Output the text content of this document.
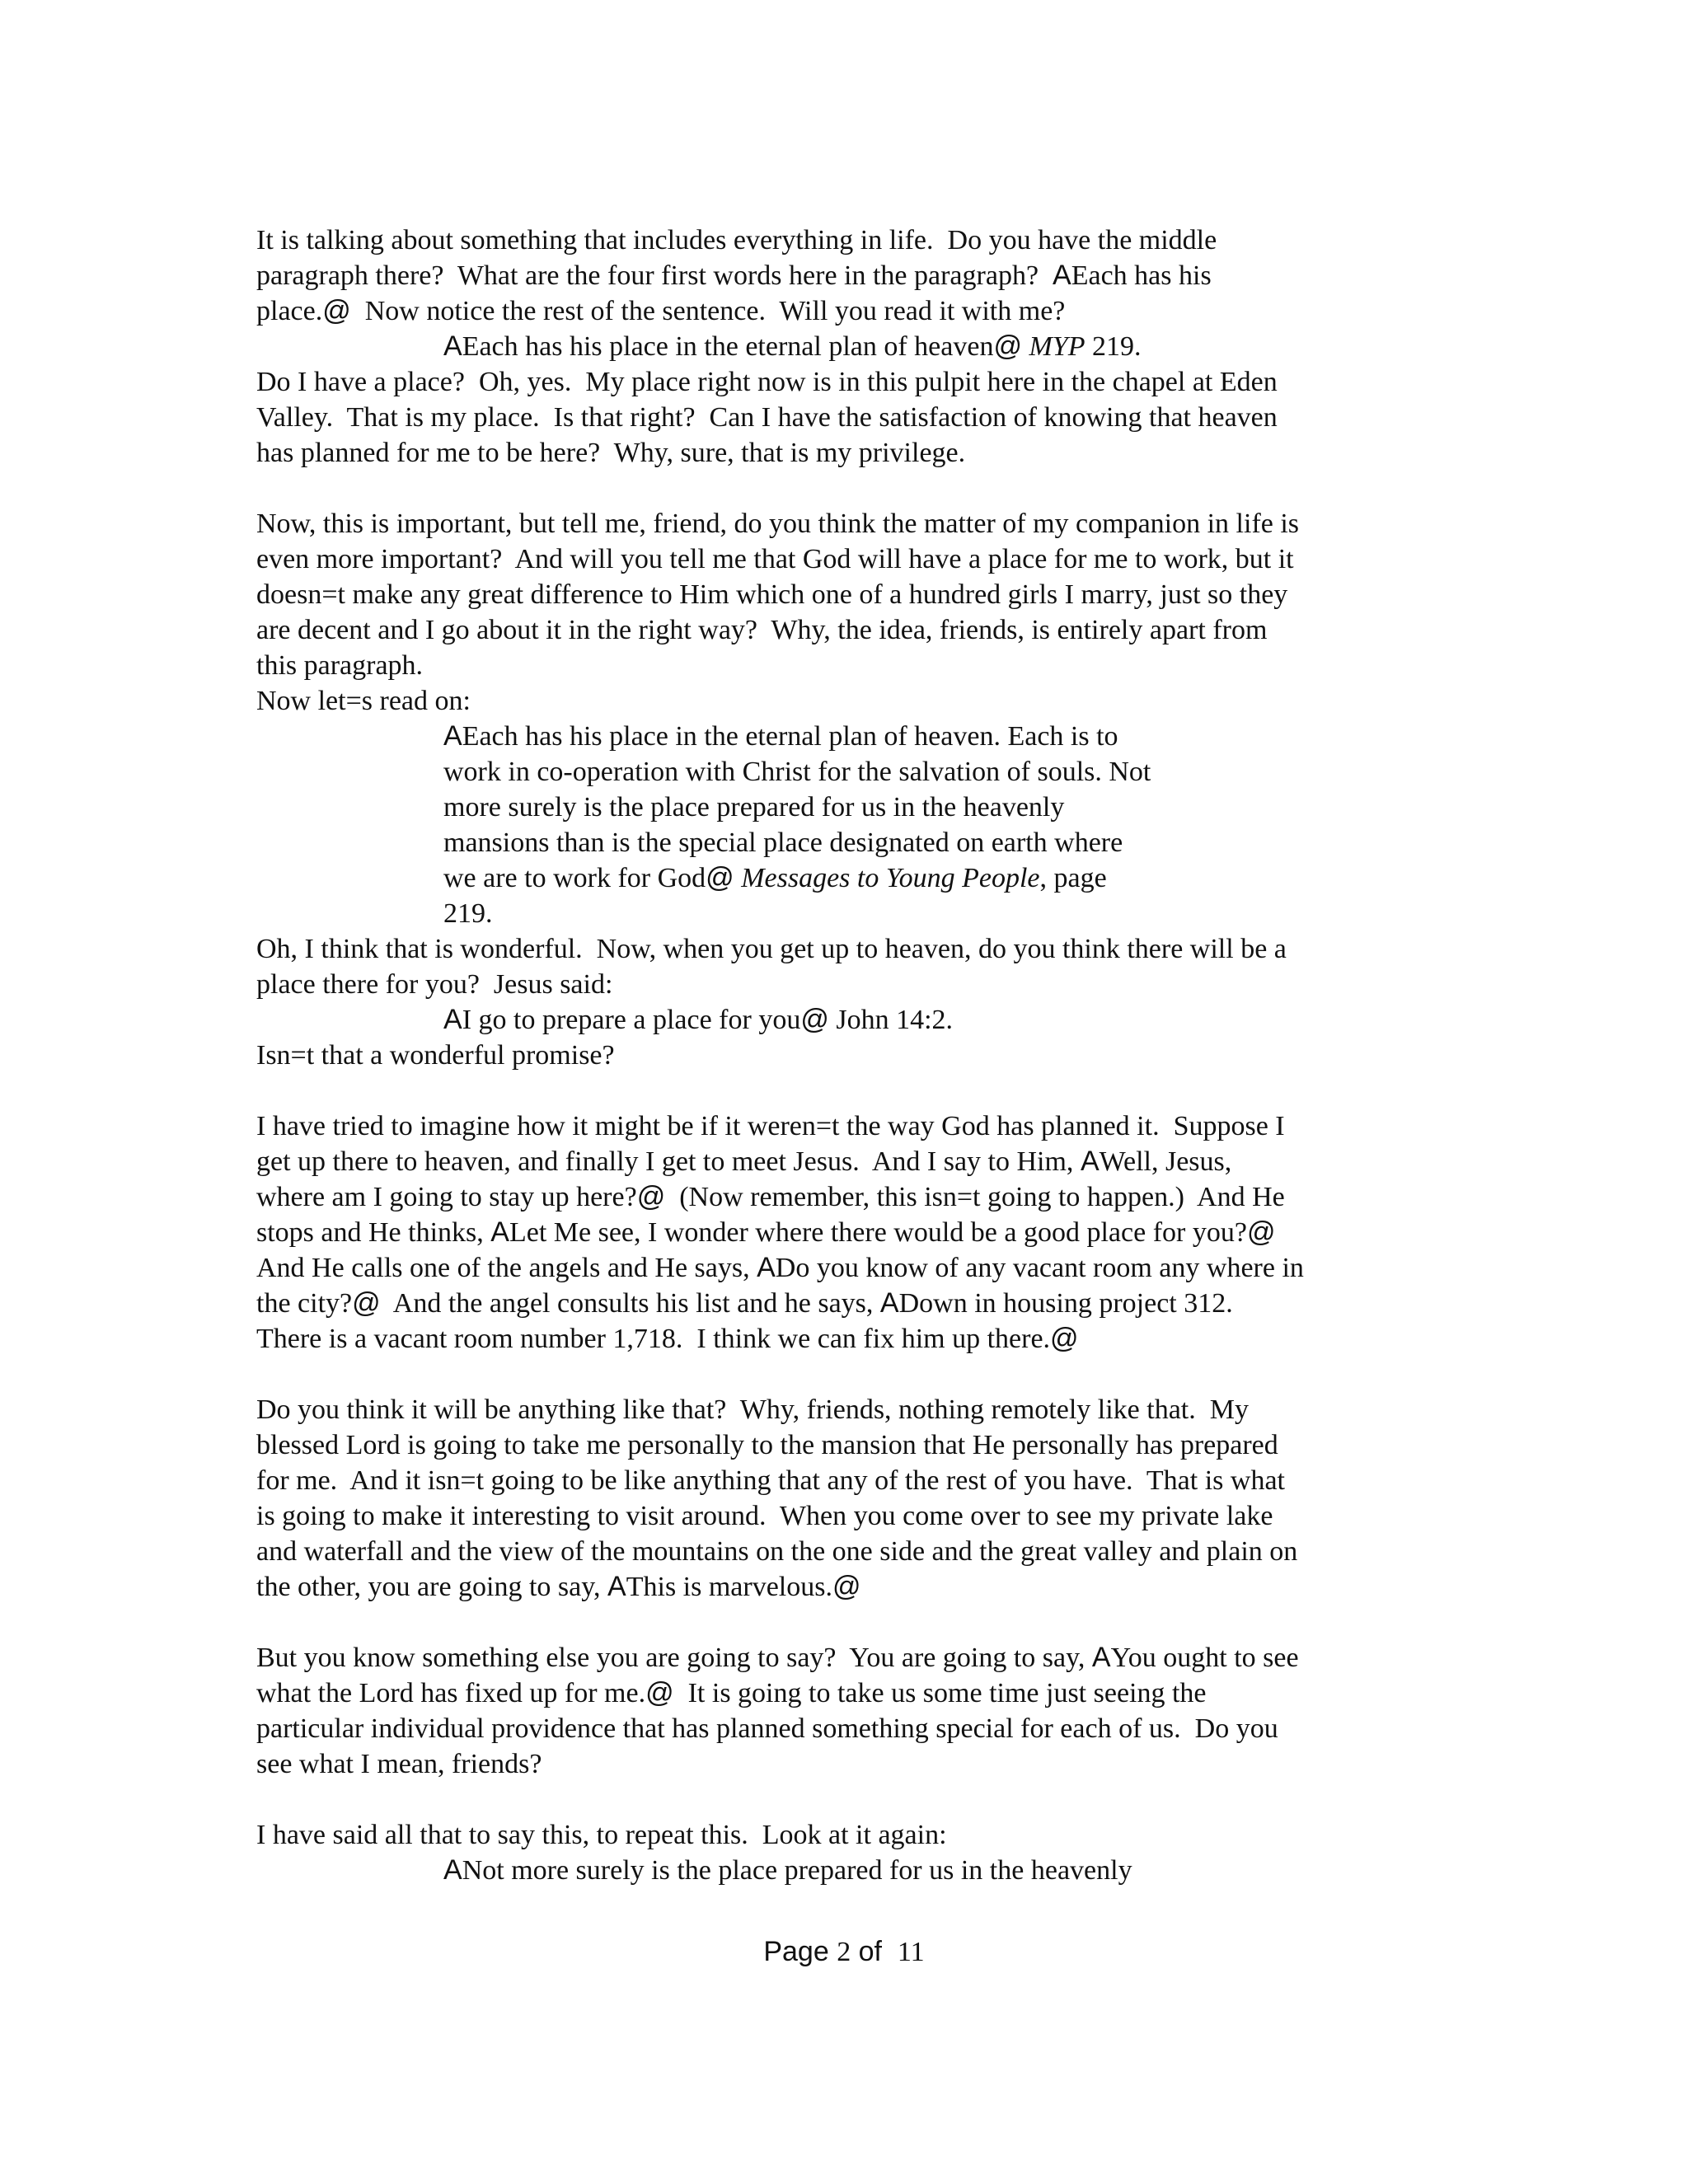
It is talking about something that includes everything in life.  Do you have the middle
paragraph there?  What are the four first words here in the paragraph?  AEach has his
place.@  Now notice the rest of the sentence.  Will you read it with me?
AEach has his place in the eternal plan of heaven@ MYP 219.
Do I have a place?  Oh, yes.  My place right now is in this pulpit here in the chapel at Eden
Valley.  That is my place.  Is that right?  Can I have the satisfaction of knowing that heaven
has planned for me to be here?  Why, sure, that is my privilege.
Now, this is important, but tell me, friend, do you think the matter of my companion in life is
even more important?  And will you tell me that God will have a place for me to work, but it
doesn=t make any great difference to Him which one of a hundred girls I marry, just so they
are decent and I go about it in the right way?  Why, the idea, friends, is entirely apart from
this paragraph.
Now let=s read on:
AEach has his place in the eternal plan of heaven. Each is to
work in co-operation with Christ for the salvation of souls. Not
more surely is the place prepared for us in the heavenly
mansions than is the special place designated on earth where
we are to work for God@ Messages to Young People, page
219.
Oh, I think that is wonderful.  Now, when you get up to heaven, do you think there will be a
place there for you?  Jesus said:
AI go to prepare a place for you@ John 14:2.
Isn=t that a wonderful promise?
I have tried to imagine how it might be if it weren=t the way God has planned it.  Suppose I
get up there to heaven, and finally I get to meet Jesus.  And I say to Him, AWell, Jesus,
where am I going to stay up here?@  (Now remember, this isn=t going to happen.)  And He
stops and He thinks, ALet Me see, I wonder where there would be a good place for you?@
And He calls one of the angels and He says, ADo you know of any vacant room any where in
the city?@  And the angel consults his list and he says, ADown in housing project 312.
There is a vacant room number 1,718.  I think we can fix him up there.@
Do you think it will be anything like that?  Why, friends, nothing remotely like that.  My
blessed Lord is going to take me personally to the mansion that He personally has prepared
for me.  And it isn=t going to be like anything that any of the rest of you have.  That is what
is going to make it interesting to visit around.  When you come over to see my private lake
and waterfall and the view of the mountains on the one side and the great valley and plain on
the other, you are going to say, AThis is marvelous.@
But you know something else you are going to say?  You are going to say, AYou ought to see
what the Lord has fixed up for me.@  It is going to take us some time just seeing the
particular individual providence that has planned something special for each of us.  Do you
see what I mean, friends?
I have said all that to say this, to repeat this.  Look at it again:
ANot more surely is the place prepared for us in the heavenly
Page 2 of  11
